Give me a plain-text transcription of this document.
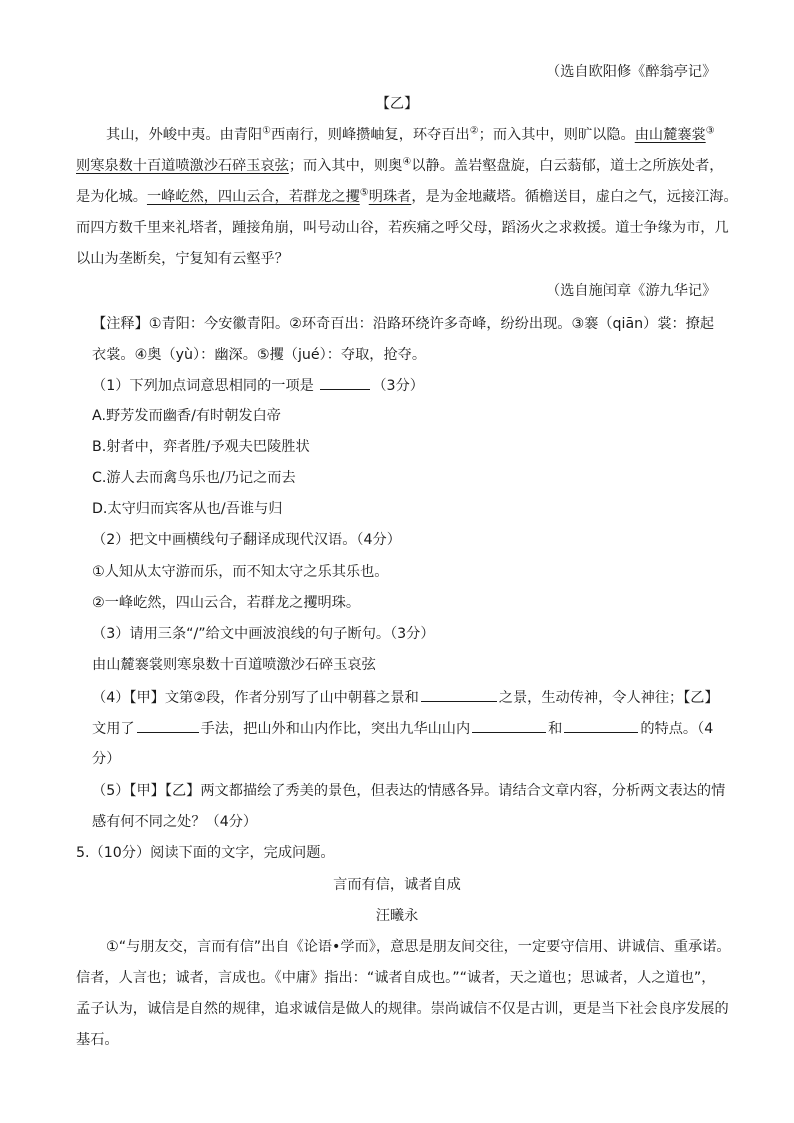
（选自欧阳修《醉翁亭记》
【乙】
其山，外峻中夷。由青阳①西南行，则峰攒岫复，环夺百出②；而入其中，则旷以隐。由山麓褰裳③
则寒泉数十百道喷激沙石碎玉哀弦；而入其中，则奥④以静。盖岩壑盘旋，白云蓊郁，道士之所族处者，
是为化城。一峰屹然，四山云合，若群龙之攫⑤明珠者，是为金地藏塔。循檐送目，虚白之气，远接江海。
而四方数千里来礼塔者，踵接角崩，叫号动山谷，若疾痛之呼父母，蹈汤火之求救援。道士争缘为市，几
以山为垄断矣，宁复知有云壑乎？
（选自施闰章《游九华记》
【注释】①青阳：今安徽青阳。②环奇百出：沿路环绕许多奇峰，纷纷出现。③褰（qiān）裳：撩起
衣裳。④奥（yù）：幽深。⑤攫（jué）：夺取，抢夺。
（1）下列加点词意思相同的一项是	（3分）
A.野芳发而幽香/有时朝发白帝
B.射者中，弈者胜/予观夫巴陵胜状
C.游人去而禽鸟乐也/乃记之而去
D.太守归而宾客从也/吾谁与归
（2）把文中画横线句子翻译成现代汉语。（4分）
①人知从太守游而乐，而不知太守之乐其乐也。
②一峰屹然，四山云合，若群龙之攫明珠。
（3）请用三条“/”给文中画波浪线的句子断句。（3分）
由山麓褰裳则寒泉数十百道喷激沙石碎玉哀弦
（4）【甲】文第②段，作者分别写了山中朝暮之景和	之景，生动传神，令人神往；【乙】
文用了	手法，把山外和山内作比，突出九华山山内	和	的特点。（4
分）
（5）【甲】【乙】两文都描绘了秀美的景色，但表达的情感各异。请结合文章内容，分析两文表达的情
感有何不同之处？（4分）
5.（10分）阅读下面的文字，完成问题。
言而有信，诚者自成
汪曦永
①“与朋友交，言而有信”出自《论语•学而》，意思是朋友间交往，一定要守信用、讲诚信、重承诺。
信者，人言也；诚者，言成也。《中庸》指出：“诚者自成也。”“诚者，天之道也；思诚者，人之道也”，
孟子认为，诚信是自然的规律，追求诚信是做人的规律。崇尚诚信不仅是古训，更是当下社会良序发展的
基石。
